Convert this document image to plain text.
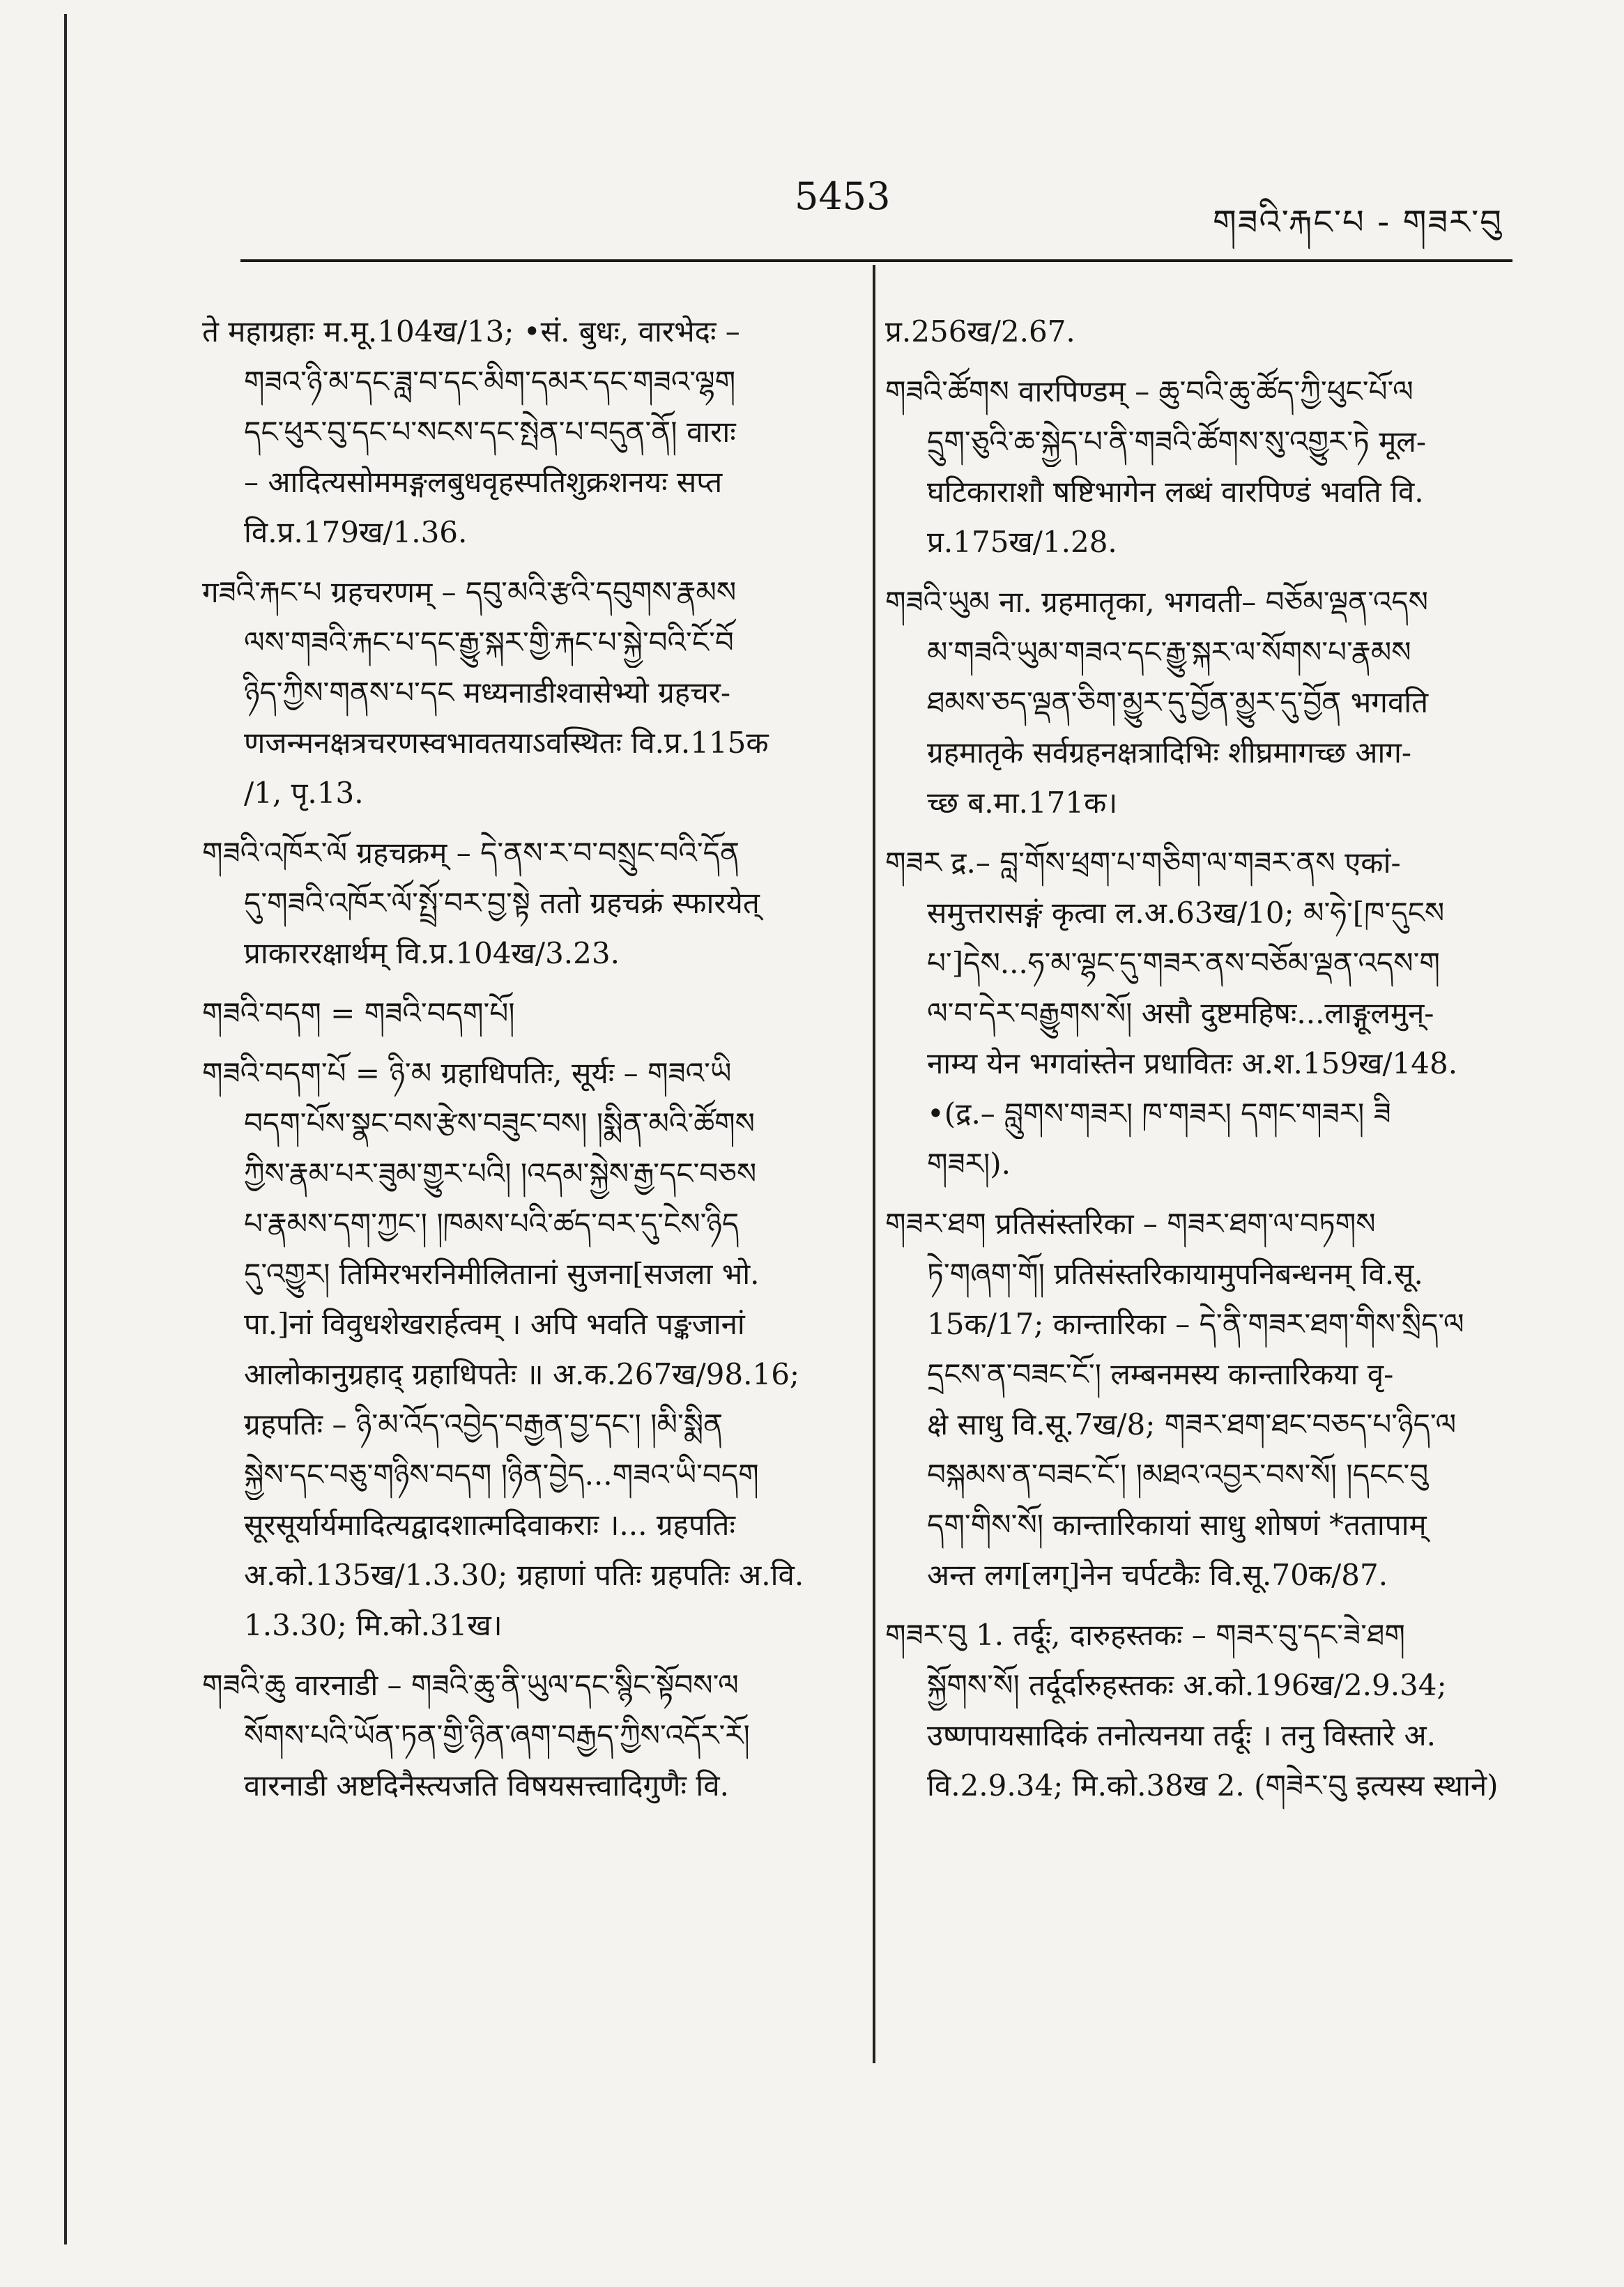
5453
གཟའི་རྐང་པ - གཟར་བུ
ते महाग्रहाः म.मू.104ख/13; •सं. बुधः, वारभेदः –
གཟའ་ཉི་མ་དང་ཟླ་བ་དང་མིག་དམར་དང་གཟའ་ལྷག
དང་ཕུར་བུ་དང་པ་སངས་དང་སྤེན་པ་བདུན་ནོ། वाराः
– आदित्यसोममङ्गलबुधवृहस्पतिशुक्रशनयः सप्त
वि.प्र.179ख/1.36.
गཟའི་རྐང་པ ग्रहचरणम् – དབུ་མའི་རྩའི་དབུགས་རྣམས
ལས་གཟའི་རྐང་པ་དང་རྒྱུ་སྐར་གྱི་རྐང་པ་སྐྱེ་བའི་ངོ་བོ
ཉིད་ཀྱིས་གནས་པ་དང मध्यनाडीश्वासेभ्यो ग्रहचर-
णजन्मनक्षत्रचरणस्वभावतयाऽवस्थितः वि.प्र.115क
/1, पृ.13.
གཟའི་འཁོར་ལོ ग्रहचक्रम् – དེ་ནས་ར་བ་བསྲུང་བའི་དོན
དུ་གཟའི་འཁོར་ལོ་སྤྲོ་བར་བྱ་སྟེ ततो ग्रहचक्रं स्फारयेत्
प्राकाररक्षार्थम् वि.प्र.104ख/3.23.
གཟའི་བདག = གཟའི་བདག་པོ།
གཟའི་བདག་པོ = ཉི་མ ग्रहाधिपतिः, सूर्यः – གཟའ་ཡི
བདག་པོས་སྣང་བས་རྩེས་བཟུང་བས། །སྨིན་མའི་ཚོགས
ཀྱིས་རྣམ་པར་ཟུམ་གྱུར་པའི། །འདམ་སྐྱེས་རྒྱ་དང་བཅས
པ་རྣམས་དག་ཀྱང་། །ཁམས་པའི་ཚད་བར་དུ་ངེས་ཉིད
དུ་འགྱུར། तिमिरभरनिमीलितानां सुजना[सजला भो.
पा.]नां विवुधशेखरार्हत्वम् । अपि भवति पङ्कजानां
आलोकानुग्रहाद् ग्रहाधिपतेः ॥ अ.क.267ख/98.16;
ग्रहपतिः – ཉི་མ་འོད་འབྱེད་བརྒྱན་བྱ་དང་། །མི་སྨིན
སྐྱེས་དང་བཅུ་གཉིས་བདག །ཉིན་བྱེད...གཟའ་ཡི་བདག
सूरसूर्यार्यमादित्यद्वादशात्मदिवाकराः ।... ग्रहपतिः
अ.को.135ख/1.3.30; ग्रहाणां पतिः ग्रहपतिः अ.वि.
1.3.30; मि.को.31ख।
གཟའི་ཆུ वारनाडी – གཟའི་ཆུ་ནི་ཡུལ་དང་སྙིང་སྟོབས་ལ
སོགས་པའི་ཡོན་ཏན་གྱི་ཉིན་ཞག་བརྒྱད་ཀྱིས་འདོར་རོ།
वारनाडी अष्टदिनैस्त्यजति विषयसत्त्वादिगुणैः वि.
प्र.256ख/2.67.
གཟའི་ཚོགས वारपिण्डम् – ཆུ་བའི་ཆུ་ཚོད་ཀྱི་ཕུང་པོ་ལ
དྲུག་ཅུའི་ཆ་སྐྱེད་པ་ནི་གཟའི་ཚོགས་སུ་འགྱུར་ཏེ मूल-
घटिकाराशौ षष्टिभागेन लब्धं वारपिण्डं भवति वि.
प्र.175ख/1.28.
གཟའི་ཡུམ ना. ग्रहमातृका, भगवती– བཅོམ་ལྡན་འདས
མ་གཟའི་ཡུམ་གཟའ་དང་རྒྱུ་སྐར་ལ་སོགས་པ་རྣམས
ཐམས་ཅད་ལྡན་ཅིག་མྱུར་དུ་བྱོན་མྱུར་དུ་བྱོན भगवति
ग्रहमातृके सर्वग्रहनक्षत्रादिभिः शीघ्रमागच्छ आग-
च्छ ब.मा.171क।
གཟར द्र.– བླ་གོས་ཕྲག་པ་གཅིག་ལ་གཟར་ནས एकां-
समुत्तरासङ्गं कृत्वा ल.अ.63ख/10; མ་ཧེ་[ཁ་དུངས
པ་]དེས...ཧ་མ་ལྷང་དུ་གཟར་ནས་བཅོམ་ལྡན་འདས་ག
ལ་བ་དེར་བརྒྱུགས་སོ། असौ दुष्टमहिषः...लाङ्गूलमुन्-
नाम्य येन भगवांस्तेन प्रधावितः अ.श.159ख/148.
•(द्र.– བླུགས་གཟར། ཁ་གཟར། དགང་གཟར། ཟི
གཟར།).
གཟར་ཐག प्रतिसंस्तरिका – གཟར་ཐག་ལ་བཏགས
ཏེ་གཞག་གོ། प्रतिसंस्तरिकायामुपनिबन्धनम् वि.सू.
15क/17; कान्तारिका – དེ་ནི་གཟར་ཐག་གིས་སྲིད་ལ
དྲངས་ན་བཟང་ངོ་། लम्बनमस्य कान्तारिकया वृ-
क्षे साधु वि.सू.7ख/8; གཟར་ཐག་ཐང་བཅད་པ་ཉིད་ལ
བསྐམས་ན་བཟང་ངོ་། །མཐའ་འབྱར་བས་སོ། །དངང་བུ
དག་གིས་སོ། कान्तारिकायां साधु शोषणं *ततापाम्
अन्त लग[लग्]नेन चर्पटकैः वि.सू.70क/87.
གཟར་བུ 1. तर्दूः, दारुहस्तकः – གཟར་བུ་དང་ཟེ་ཐག
སྐྱོགས་སོ། तर्दूर्दारुहस्तकः अ.को.196ख/2.9.34;
उष्णपायसादिकं तनोत्यनया तर्दूः । तनु विस्तारे अ.
वि.2.9.34; मि.को.38ख 2. (གཟེར་བུ इत्यस्य स्थाने)
